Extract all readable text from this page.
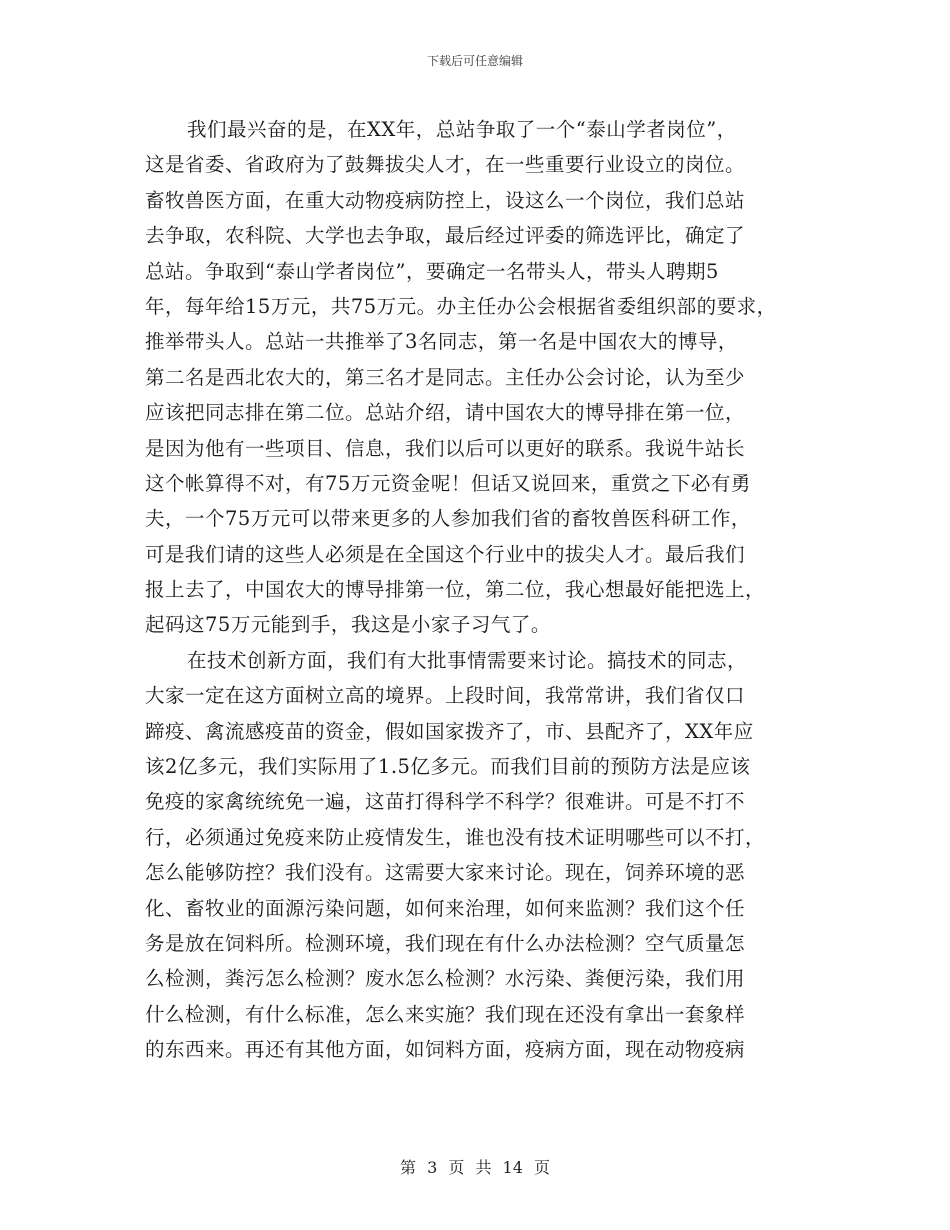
下载后可任意编辑
我们最兴奋的是，在XX年，总站争取了一个“泰山学者岗位”，
这是省委、省政府为了鼓舞拔尖人才，在一些重要行业设立的岗位。
畜牧兽医方面，在重大动物疫病防控上，设这么一个岗位，我们总站
去争取，农科院、大学也去争取，最后经过评委的筛选评比，确定了
总站。争取到“泰山学者岗位”，要确定一名带头人，带头人聘期5
年，每年给15万元，共75万元。办主任办公会根据省委组织部的要求，
推举带头人。总站一共推举了3名同志，第一名是中国农大的博导，
第二名是西北农大的，第三名才是同志。主任办公会讨论，认为至少
应该把同志排在第二位。总站介绍，请中国农大的博导排在第一位，
是因为他有一些项目、信息，我们以后可以更好的联系。我说牛站长
这个帐算得不对，有75万元资金呢！但话又说回来，重赏之下必有勇
夫，一个75万元可以带来更多的人参加我们省的畜牧兽医科研工作，
可是我们请的这些人必须是在全国这个行业中的拔尖人才。最后我们
报上去了，中国农大的博导排第一位，第二位，我心想最好能把选上，
起码这75万元能到手，我这是小家子习气了。
在技术创新方面，我们有大批事情需要来讨论。搞技术的同志，
大家一定在这方面树立高的境界。上段时间，我常常讲，我们省仅口
蹄疫、禽流感疫苗的资金，假如国家拨齐了，市、县配齐了，XX年应
该2亿多元，我们实际用了1.5亿多元。而我们目前的预防方法是应该
免疫的家禽统统免一遍，这苗打得科学不科学？很难讲。可是不打不
行，必须通过免疫来防止疫情发生，谁也没有技术证明哪些可以不打，
怎么能够防控？我们没有。这需要大家来讨论。现在，饲养环境的恶
化、畜牧业的面源污染问题，如何来治理，如何来监测？我们这个任
务是放在饲料所。检测环境，我们现在有什么办法检测？空气质量怎
么检测，粪污怎么检测？废水怎么检测？水污染、粪便污染，我们用
什么检测，有什么标准，怎么来实施？我们现在还没有拿出一套象样
的东西来。再还有其他方面，如饲料方面，疫病方面，现在动物疫病
第 3 页 共 14 页
